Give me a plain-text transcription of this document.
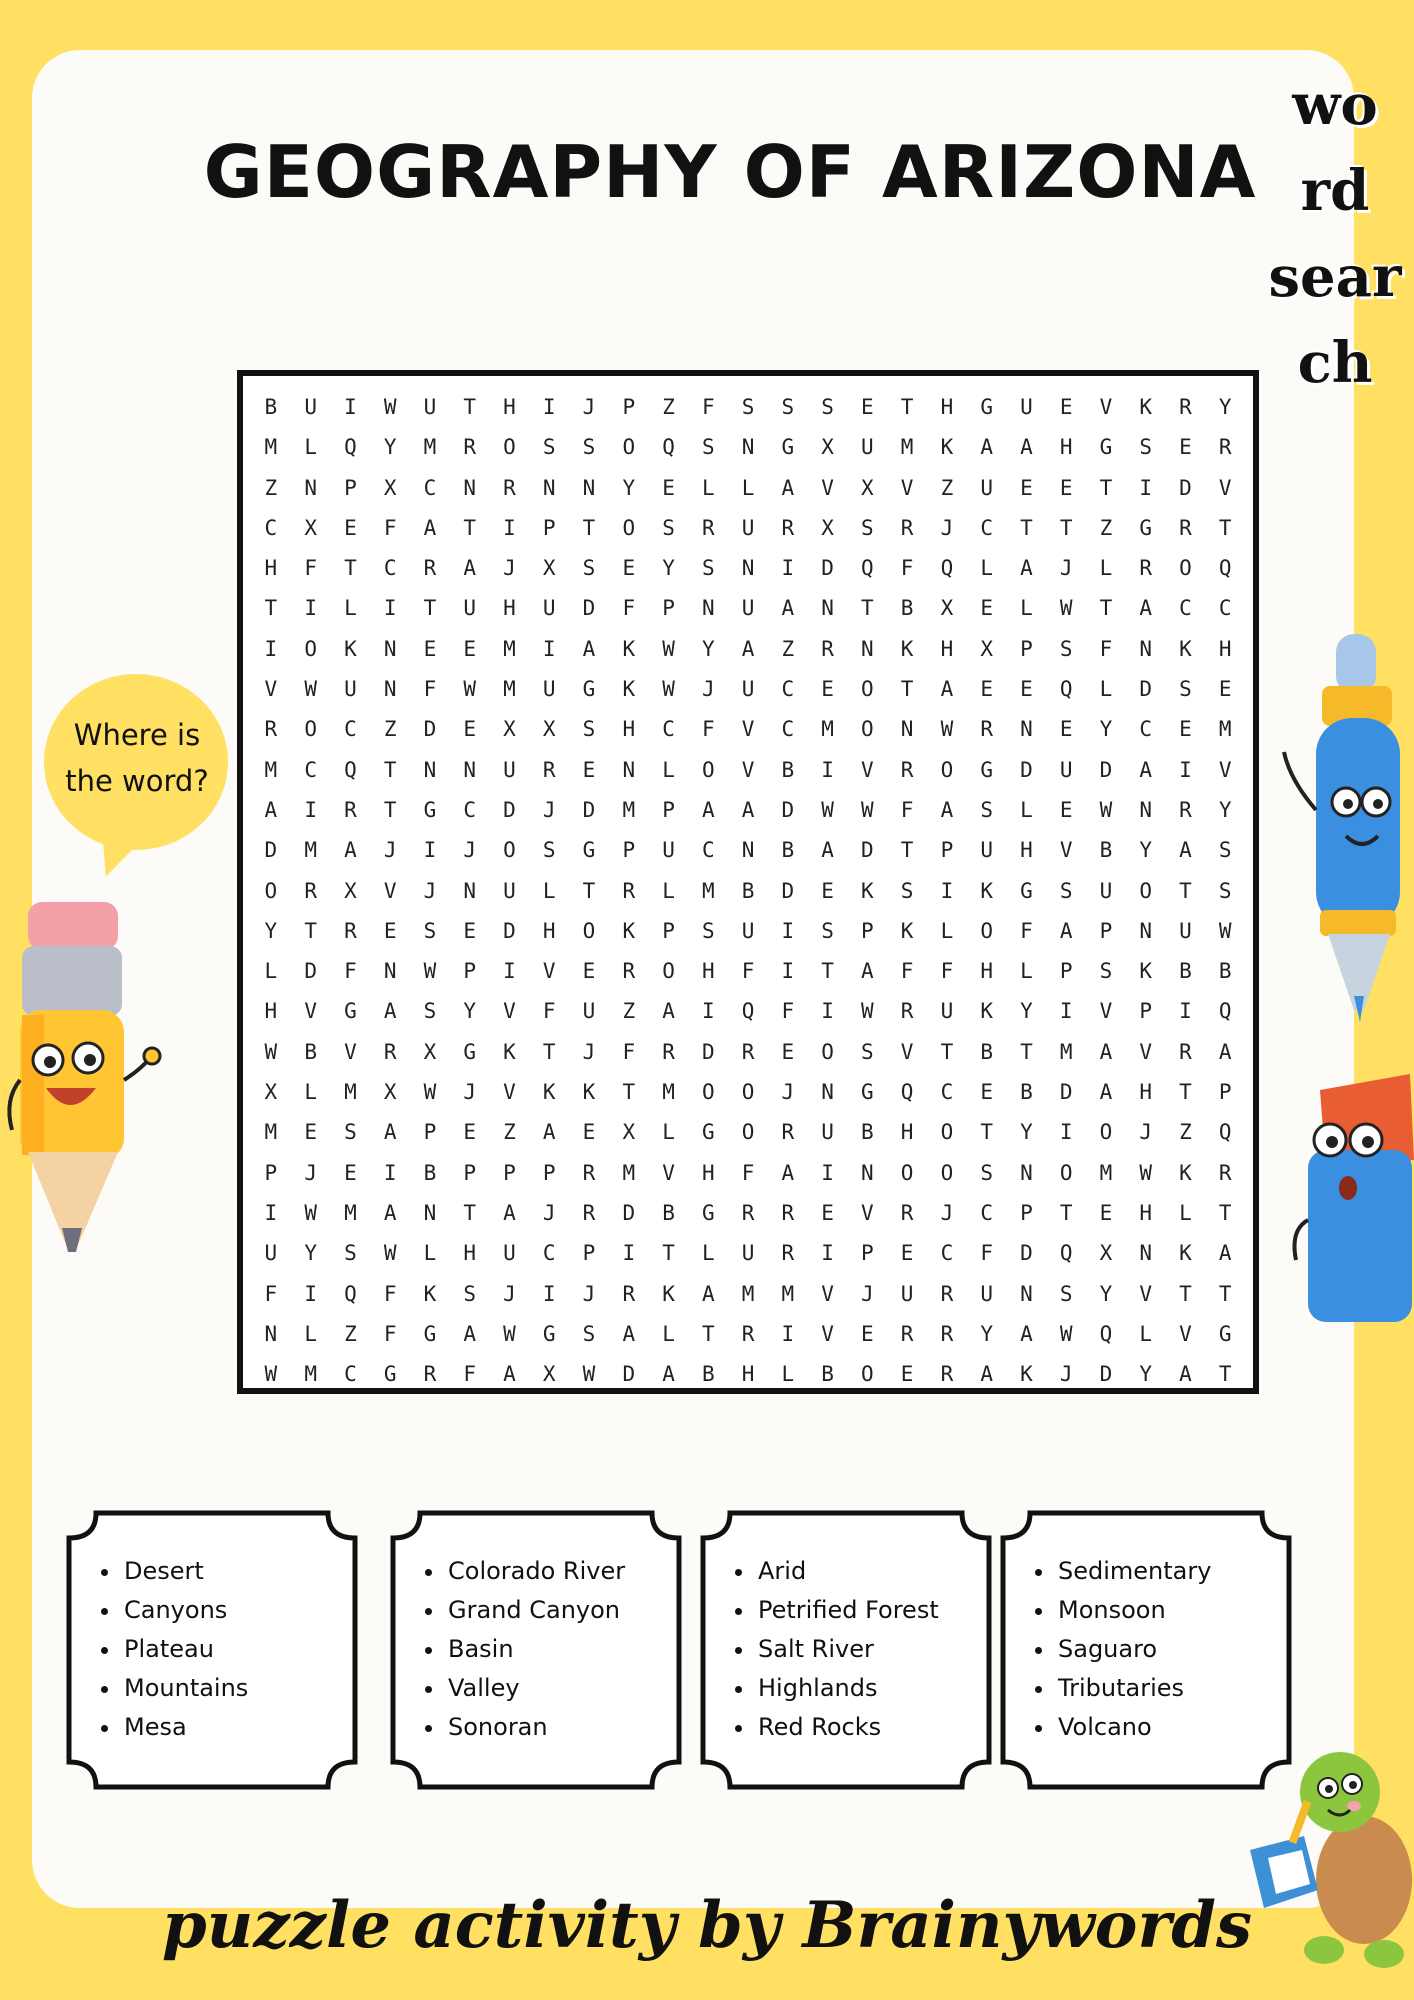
GEOGRAPHY OF ARIZONA
wo
rd
sear
ch
B	U	I	W	U	T	H	I	J	P	Z	F	S	S	S	E	T	H	G	U	E	V	K	R	Y
M	L	Q	Y	M	R	O	S	S	O	Q	S	N	G	X	U	M	K	A	A	H	G	S	E	R
Z	N	P	X	C	N	R	N	N	Y	E	L	L	A	V	X	V	Z	U	E	E	T	I	D	V
C	X	E	F	A	T	I	P	T	O	S	R	U	R	X	S	R	J	C	T	T	Z	G	R	T
H	F	T	C	R	A	J	X	S	E	Y	S	N	I	D	Q	F	Q	L	A	J	L	R	O	Q
T	I	L	I	T	U	H	U	D	F	P	N	U	A	N	T	B	X	E	L	W	T	A	C	C
I	O	K	N	E	E	M	I	A	K	W	Y	A	Z	R	N	K	H	X	P	S	F	N	K	H
V	W	U	N	F	W	M	U	G	K	W	J	U	C	E	O	T	A	E	E	Q	L	D	S	E
R	O	C	Z	D	E	X	X	S	H	C	F	V	C	M	O	N	W	R	N	E	Y	C	E	M
M	C	Q	T	N	N	U	R	E	N	L	O	V	B	I	V	R	O	G	D	U	D	A	I	V
A	I	R	T	G	C	D	J	D	M	P	A	A	D	W	W	F	A	S	L	E	W	N	R	Y
D	M	A	J	I	J	O	S	G	P	U	C	N	B	A	D	T	P	U	H	V	B	Y	A	S
O	R	X	V	J	N	U	L	T	R	L	M	B	D	E	K	S	I	K	G	S	U	O	T	S
Y	T	R	E	S	E	D	H	O	K	P	S	U	I	S	P	K	L	O	F	A	P	N	U	W
L	D	F	N	W	P	I	V	E	R	O	H	F	I	T	A	F	F	H	L	P	S	K	B	B
H	V	G	A	S	Y	V	F	U	Z	A	I	Q	F	I	W	R	U	K	Y	I	V	P	I	Q
W	B	V	R	X	G	K	T	J	F	R	D	R	E	O	S	V	T	B	T	M	A	V	R	A
X	L	M	X	W	J	V	K	K	T	M	O	O	J	N	G	Q	C	E	B	D	A	H	T	P
M	E	S	A	P	E	Z	A	E	X	L	G	O	R	U	B	H	O	T	Y	I	O	J	Z	Q
P	J	E	I	B	P	P	P	R	M	V	H	F	A	I	N	O	O	S	N	O	M	W	K	R
I	W	M	A	N	T	A	J	R	D	B	G	R	R	E	V	R	J	C	P	T	E	H	L	T
U	Y	S	W	L	H	U	C	P	I	T	L	U	R	I	P	E	C	F	D	Q	X	N	K	A
F	I	Q	F	K	S	J	I	J	R	K	A	M	M	V	J	U	R	U	N	S	Y	V	T	T
N	L	Z	F	G	A	W	G	S	A	L	T	R	I	V	E	R	R	Y	A	W	Q	L	V	G
W	M	C	G	R	F	A	X	W	D	A	B	H	L	B	O	E	R	A	K	J	D	Y	A	T
Where is the word?
• Desert
• Canyons
• Plateau
• Mountains
• Mesa
• Colorado River
• Grand Canyon
• Basin
• Valley
• Sonoran
• Arid
• Petrified Forest
• Salt River
• Highlands
• Red Rocks
• Sedimentary
• Monsoon
• Saguaro
• Tributaries
• Volcano
puzzle activity by Brainywords
